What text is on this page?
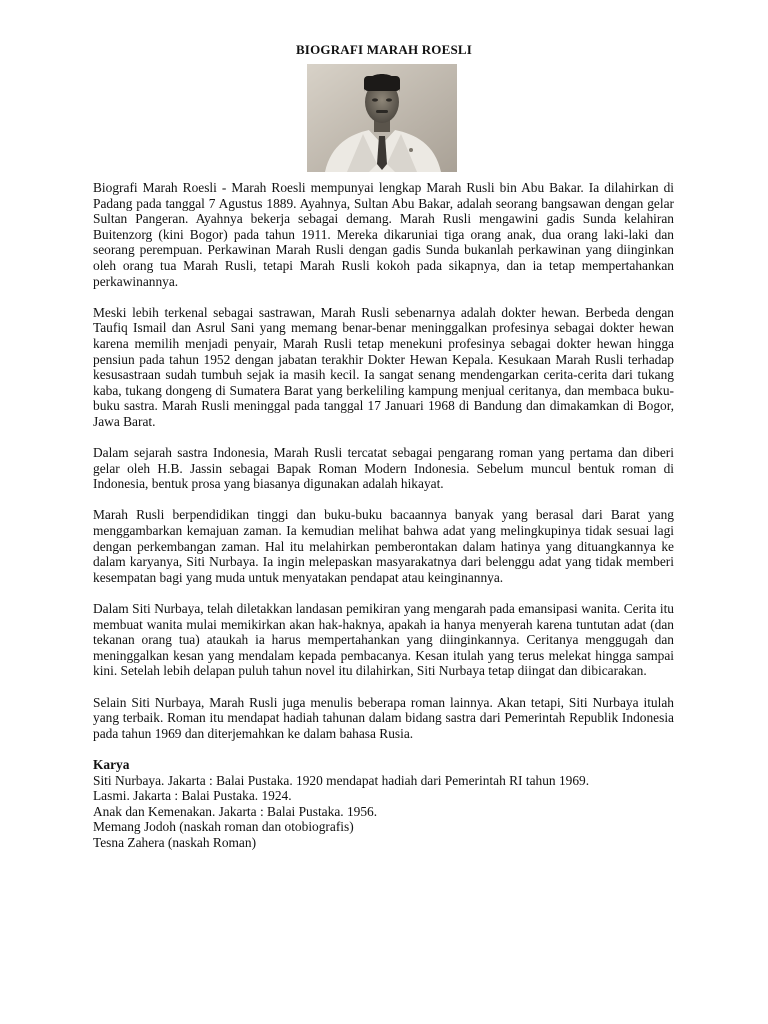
BIOGRAFI MARAH ROESLI

Biografi Marah Roesli - Marah Roesli mempunyai lengkap Marah Rusli bin Abu Bakar. Ia dilahirkan di Padang pada tanggal 7 Agustus 1889. Ayahnya, Sultan Abu Bakar, adalah seorang bangsawan dengan gelar Sultan Pangeran. Ayahnya bekerja sebagai demang. Marah Rusli mengawini gadis Sunda kelahiran Buitenzorg (kini Bogor) pada tahun 1911. Mereka dikaruniai tiga orang anak, dua orang laki-laki dan seorang perempuan. Perkawinan Marah Rusli dengan gadis Sunda bukanlah perkawinan yang diinginkan oleh orang tua Marah Rusli, tetapi Marah Rusli kokoh pada sikapnya, dan ia tetap mempertahankan perkawinannya.

Meski lebih terkenal sebagai sastrawan, Marah Rusli sebenarnya adalah dokter hewan. Berbeda dengan Taufiq Ismail dan Asrul Sani yang memang benar-benar meninggalkan profesinya sebagai dokter hewan karena memilih menjadi penyair, Marah Rusli tetap menekuni profesinya sebagai dokter hewan hingga pensiun pada tahun 1952 dengan jabatan terakhir Dokter Hewan Kepala. Kesukaan Marah Rusli terhadap kesusastraan sudah tumbuh sejak ia masih kecil. Ia sangat senang mendengarkan cerita-cerita dari tukang kaba, tukang dongeng di Sumatera Barat yang berkeliling kampung menjual ceritanya, dan membaca buku-buku sastra. Marah Rusli meninggal pada tanggal 17 Januari 1968 di Bandung dan dimakamkan di Bogor, Jawa Barat.

Dalam sejarah sastra Indonesia, Marah Rusli tercatat sebagai pengarang roman yang pertama dan diberi gelar oleh H.B. Jassin sebagai Bapak Roman Modern Indonesia. Sebelum muncul bentuk roman di Indonesia, bentuk prosa yang biasanya digunakan adalah hikayat.

Marah Rusli berpendidikan tinggi dan buku-buku bacaannya banyak yang berasal dari Barat yang menggambarkan kemajuan zaman. Ia kemudian melihat bahwa adat yang melingkupinya tidak sesuai lagi dengan perkembangan zaman. Hal itu melahirkan pemberontakan dalam hatinya yang dituangkannya ke dalam karyanya, Siti Nurbaya. Ia ingin melepaskan masyarakatnya dari belenggu adat yang tidak memberi kesempatan bagi yang muda untuk menyatakan pendapat atau keinginannya.

Dalam Siti Nurbaya, telah diletakkan landasan pemikiran yang mengarah pada emansipasi wanita. Cerita itu membuat wanita mulai memikirkan akan hak-haknya, apakah ia hanya menyerah karena tuntutan adat (dan tekanan orang tua) ataukah ia harus mempertahankan yang diinginkannya. Ceritanya menggugah dan meninggalkan kesan yang mendalam kepada pembacanya. Kesan itulah yang terus melekat hingga sampai kini. Setelah lebih delapan puluh tahun novel itu dilahirkan, Siti Nurbaya tetap diingat dan dibicarakan.

Selain Siti Nurbaya, Marah Rusli juga menulis beberapa roman lainnya. Akan tetapi, Siti Nurbaya itulah yang terbaik. Roman itu mendapat hadiah tahunan dalam bidang sastra dari Pemerintah Republik Indonesia pada tahun 1969 dan diterjemahkan ke dalam bahasa Rusia.

Karya
Siti Nurbaya. Jakarta : Balai Pustaka. 1920 mendapat hadiah dari Pemerintah RI tahun 1969.
Lasmi. Jakarta : Balai Pustaka. 1924.
Anak dan Kemenakan. Jakarta : Balai Pustaka. 1956.
Memang Jodoh (naskah roman dan otobiografis)
Tesna Zahera (naskah Roman)
